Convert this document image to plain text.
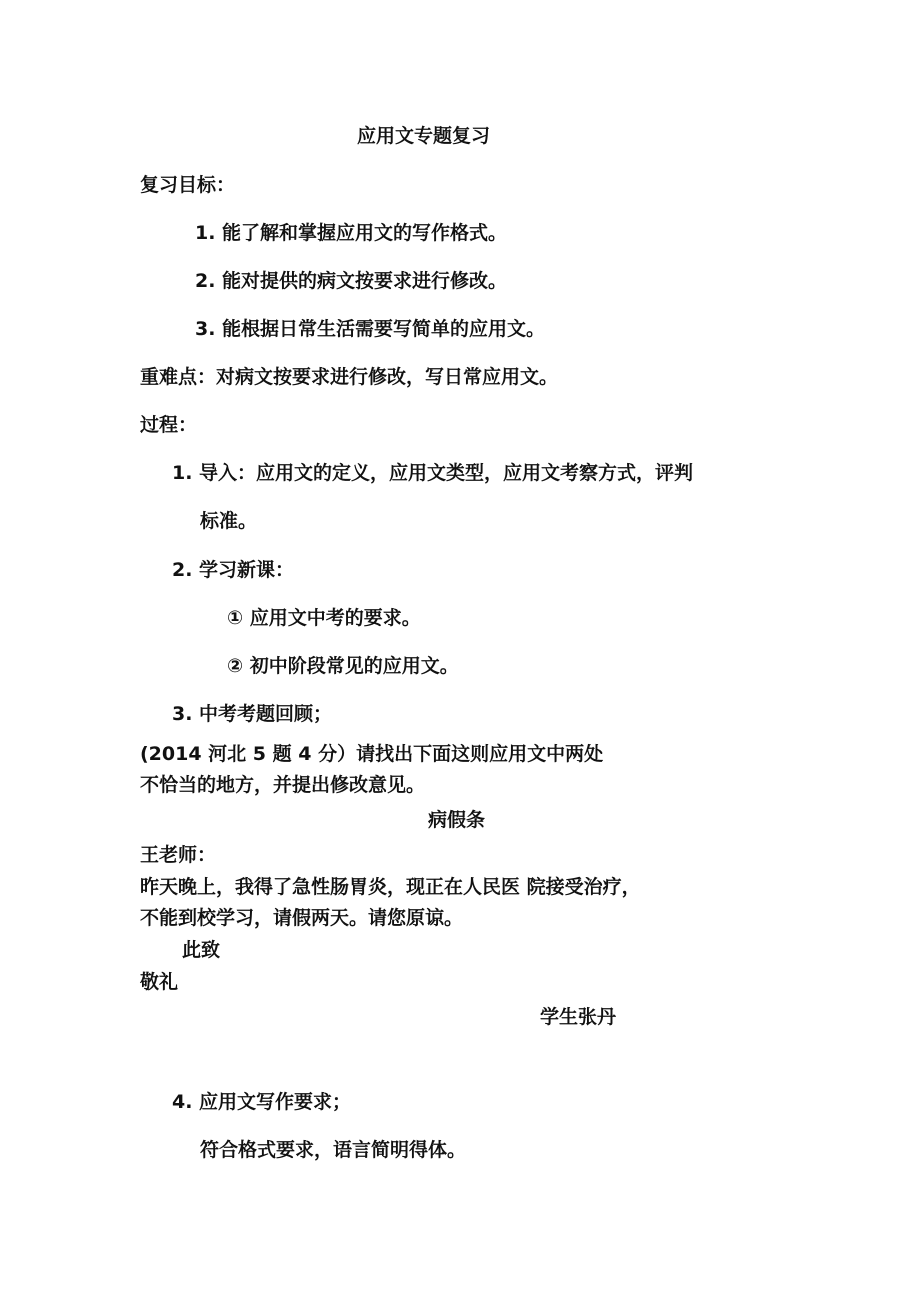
应用文专题复习
复习目标：
1. 能了解和掌握应用文的写作格式。
2. 能对提供的病文按要求进行修改。
3. 能根据日常生活需要写简单的应用文。
重难点：对病文按要求进行修改，写日常应用文。
过程：
1. 导入：应用文的定义，应用文类型，应用文考察方式，评判
标准。
2. 学习新课：
① 应用文中考的要求。
② 初中阶段常见的应用文。
3. 中考考题回顾；
(2014 河北 5 题 4 分）请找出下面这则应用文中两处
不恰当的地方，并提出修改意见。
病假条
王老师：
昨天晚上，我得了急性肠胃炎，现正在人民医 院接受治疗，
不能到校学习，请假两天。请您原谅。
此致
敬礼
学生张丹
4. 应用文写作要求；
符合格式要求，语言简明得体。
